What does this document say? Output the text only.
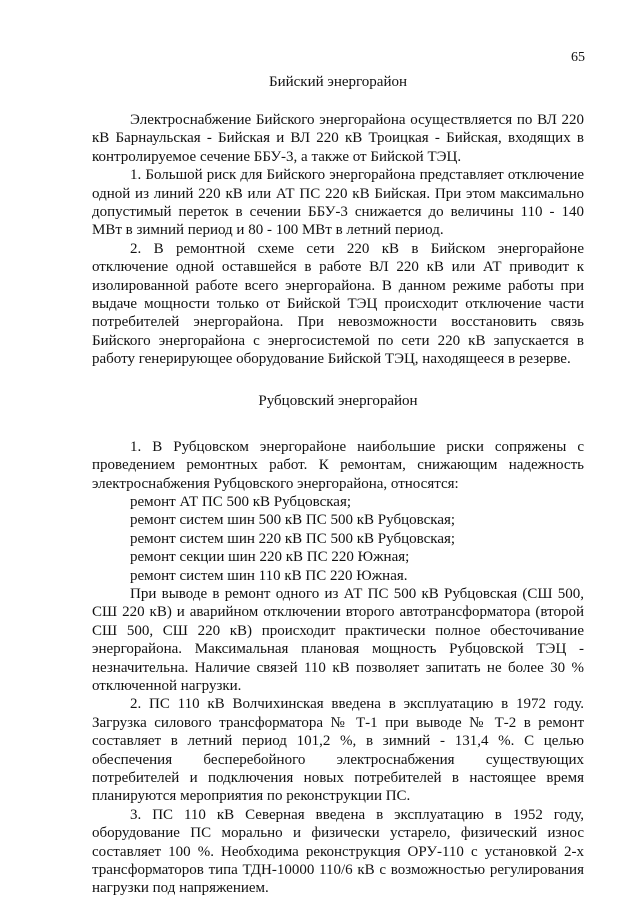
65
Бийский энергорайон

Электроснабжение Бийского энергорайона осуществляется по ВЛ 220 кВ Барнаульская - Бийская и ВЛ 220 кВ Троицкая - Бийская, входящих в контролируемое сечение ББУ-3, а также от Бийской ТЭЦ.

1. Большой риск для Бийского энергорайона представляет отключение одной из линий 220 кВ или АТ ПС 220 кВ Бийская. При этом максимально допустимый переток в сечении ББУ-3 снижается до величины 110 - 140 МВт в зимний период и 80 - 100 МВт в летний период.

2. В ремонтной схеме сети 220 кВ в Бийском энергорайоне отключение одной оставшейся в работе ВЛ 220 кВ или АТ приводит к изолированной работе всего энергорайона. В данном режиме работы при выдаче мощности только от Бийской ТЭЦ происходит отключение части потребителей энергорайона. При невозможности восстановить связь Бийского энергорайона с энергосистемой по сети 220 кВ запускается в работу генерирующее оборудование Бийской ТЭЦ, находящееся в резерве.

Рубцовский энергорайон

1. В Рубцовском энергорайоне наибольшие риски сопряжены с проведением ремонтных работ. К ремонтам, снижающим надежность электроснабжения Рубцовского энергорайона, относятся:

ремонт АТ ПС 500 кВ Рубцовская;
ремонт систем шин 500 кВ ПС 500 кВ Рубцовская;
ремонт систем шин 220 кВ ПС 500 кВ Рубцовская;
ремонт секции шин 220 кВ ПС 220 Южная;
ремонт систем шин 110 кВ ПС 220 Южная.

При выводе в ремонт одного из АТ ПС 500 кВ Рубцовская (СШ 500, СШ 220 кВ) и аварийном отключении второго автотрансформатора (второй СШ 500, СШ 220 кВ) происходит практически полное обесточивание энергорайона. Максимальная плановая мощность Рубцовской ТЭЦ - незначительна. Наличие связей 110 кВ позволяет запитать не более 30 % отключенной нагрузки.

2. ПС 110 кВ Волчихинская введена в эксплуатацию в 1972 году. Загрузка силового трансформатора № Т-1 при выводе № Т-2 в ремонт составляет в летний период 101,2 %, в зимний - 131,4 %. С целью обеспечения бесперебойного электроснабжения существующих потребителей и подключения новых потребителей в настоящее время планируются мероприятия по реконструкции ПС.

3. ПС 110 кВ Северная введена в эксплуатацию в 1952 году, оборудование ПС морально и физически устарело, физический износ составляет 100 %. Необходима реконструкция ОРУ-110 с установкой 2-х трансформаторов типа ТДН-10000 110/6 кВ с возможностью регулирования нагрузки под напряжением.
